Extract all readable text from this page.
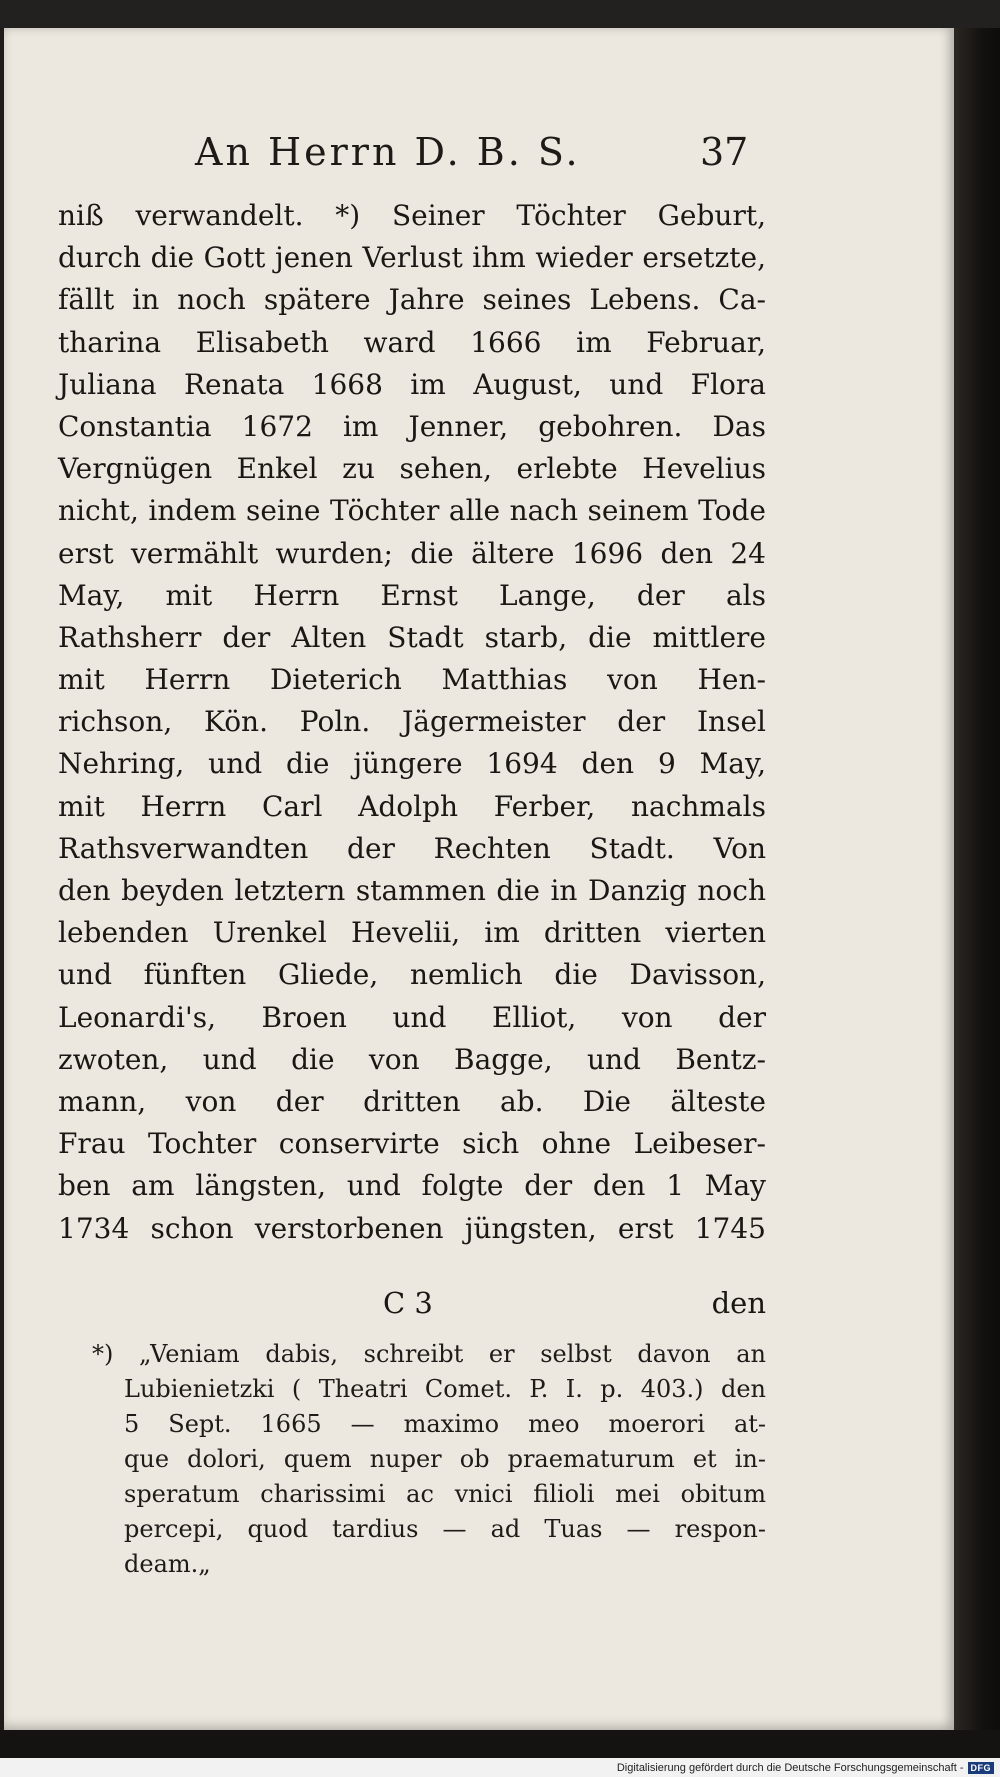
An Herrn D. B. S.	37
niß verwandelt. *) Seiner Töchter Geburt,
durch die Gott jenen Verlust ihm wieder ersetzte,
fällt in noch spätere Jahre seines Lebens. Ca-
tharina Elisabeth ward 1666 im Februar,
Juliana Renata 1668 im August, und Flora
Constantia 1672 im Jenner, gebohren. Das
Vergnügen Enkel zu sehen, erlebte Hevelius
nicht, indem seine Töchter alle nach seinem Tode
erst vermählt wurden; die ältere 1696 den 24
May, mit Herrn Ernst Lange, der als
Rathsherr der Alten Stadt starb, die mittlere
mit Herrn Dieterich Matthias von Hen-
richson, Kön. Poln. Jägermeister der Insel
Nehring, und die jüngere 1694 den 9 May,
mit Herrn Carl Adolph Ferber, nachmals
Rathsverwandten der Rechten Stadt. Von
den beyden letztern stammen die in Danzig noch
lebenden Urenkel Hevelii, im dritten vierten
und fünften Gliede, nemlich die Davisson,
Leonardi's, Broen und Elliot, von der
zwoten, und die von Bagge, und Bentz-
mann, von der dritten ab. Die älteste
Frau Tochter conservirte sich ohne Leibeser-
ben am längsten, und folgte der den 1 May
1734 schon verstorbenen jüngsten, erst 1745
C 3	den
*) „Veniam dabis, schreibt er selbst davon an
Lubienietzki ( Theatri Comet. P. I. p. 403.) den
5 Sept. 1665 — maximo meo moerori at-
que dolori, quem nuper ob praematurum et in-
speratum charissimi ac vnici filioli mei obitum
percepi, quod tardius — ad Tuas — respon-
deam.„
Digitalisierung gefördert durch die Deutsche Forschungsgemeinschaft - DFG
